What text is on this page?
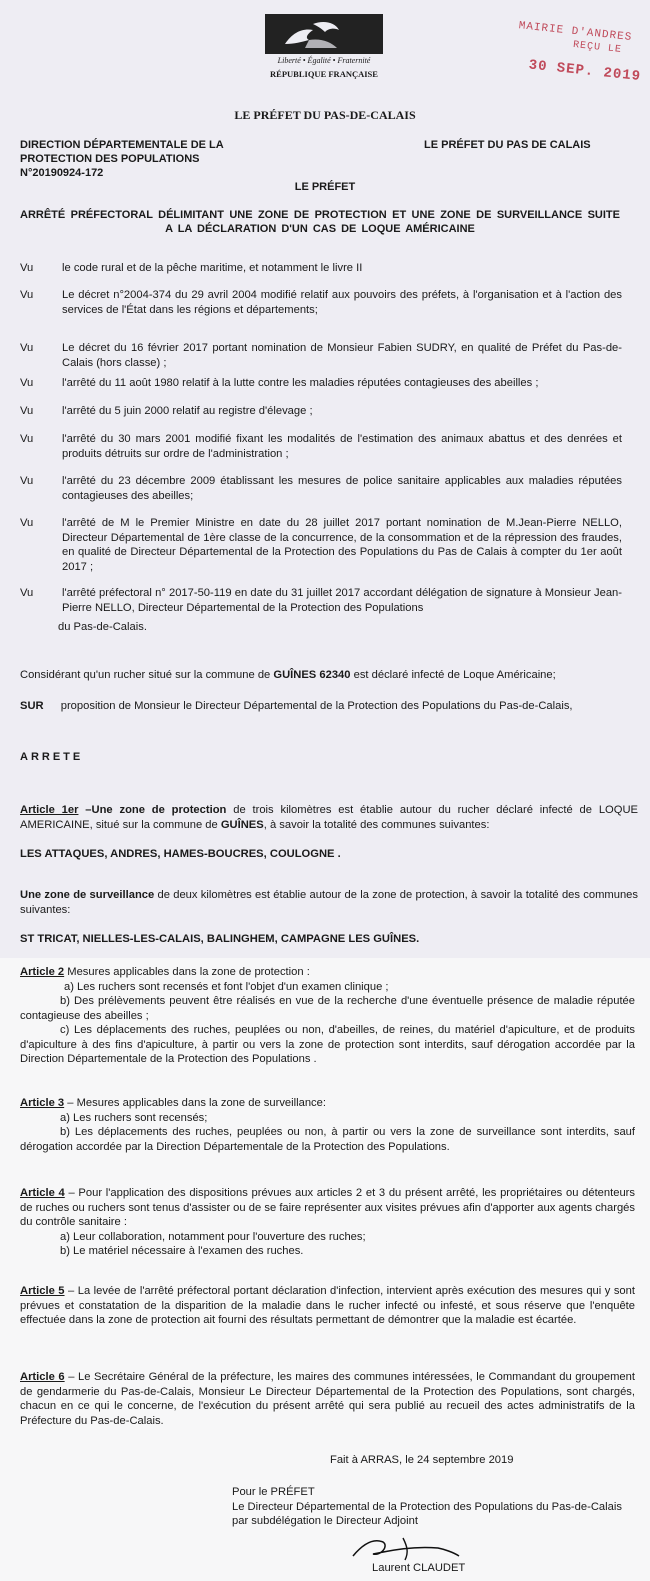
Liberté • Égalité • Fraternité
RÉPUBLIQUE FRANÇAISE
MAIRIE D'ANDRES
REÇU LE
30 SEP. 2019
LE PRÉFET DU PAS-DE-CALAIS
DIRECTION DÉPARTEMENTALE DE LA
PROTECTION DES POPULATIONS
N°20190924-172
LE PRÉFET DU PAS DE CALAIS
LE PRÉFET
ARRÊTÉ PRÉFECTORAL DÉLIMITANT UNE ZONE DE PROTECTION ET UNE ZONE DE SURVEILLANCE SUITE A LA DÉCLARATION D'UN CAS DE LOQUE AMÉRICAINE
Vu	le code rural et de la pêche maritime, et notamment le livre II
Vu	Le décret n°2004-374 du 29 avril 2004 modifié relatif aux pouvoirs des préfets, à l'organisation et à l'action des services de l'État dans les régions et départements;
Vu	Le décret du 16 février 2017 portant nomination de Monsieur Fabien SUDRY, en qualité de Préfet du Pas-de-Calais (hors classe) ;
Vu	l'arrêté du 11 août 1980 relatif à la lutte contre les maladies réputées contagieuses des abeilles ;
Vu	l'arrêté du 5 juin 2000 relatif au registre d'élevage ;
Vu	l'arrêté du 30 mars 2001 modifié fixant les modalités de l'estimation des animaux abattus et des denrées et produits détruits sur ordre de l'administration ;
Vu	l'arrêté du 23 décembre 2009 établissant les mesures de police sanitaire applicables aux maladies réputées contagieuses des abeilles;
Vu	l'arrêté de M le Premier Ministre en date du 28 juillet 2017 portant nomination de M.Jean-Pierre NELLO, Directeur Départemental de 1ère classe de la concurrence, de la consommation et de la répression des fraudes, en qualité de Directeur Départemental de la Protection des Populations du Pas de Calais à compter du 1er août 2017 ;
Vu	l'arrêté préfectoral n° 2017-50-119 en date du 31 juillet 2017 accordant délégation de signature à Monsieur Jean-Pierre NELLO, Directeur Départemental de la Protection des Populations
du Pas-de-Calais.
Considérant qu'un rucher situé sur la commune de GUÎNES 62340 est déclaré infecté de Loque Américaine;
SUR proposition de Monsieur le Directeur Départemental de la Protection des Populations du Pas-de-Calais,
ARRETE
Article 1er –Une zone de protection de trois kilomètres est établie autour du rucher déclaré infecté de LOQUE AMERICAINE, situé sur la commune de GUÎNES, à savoir la totalité des communes suivantes:
LES ATTAQUES, ANDRES, HAMES-BOUCRES, COULOGNE .
Une zone de surveillance de deux kilomètres est établie autour de la zone de protection, à savoir la totalité des communes suivantes:
ST TRICAT, NIELLES-LES-CALAIS, BALINGHEM, CAMPAGNE LES GUÎNES.
Article 2 Mesures applicables dans la zone de protection :
a) Les ruchers sont recensés et font l'objet d'un examen clinique ;
b) Des prélèvements peuvent être réalisés en vue de la recherche d'une éventuelle présence de maladie réputée contagieuse des abeilles ;
c) Les déplacements des ruches, peuplées ou non, d'abeilles, de reines, du matériel d'apiculture, et de produits d'apiculture à des fins d'apiculture, à partir ou vers la zone de protection sont interdits, sauf dérogation accordée par la Direction Départementale de la Protection des Populations .
Article 3 – Mesures applicables dans la zone de surveillance:
a) Les ruchers sont recensés;
b) Les déplacements des ruches, peuplées ou non, à partir ou vers la zone de surveillance sont interdits, sauf dérogation accordée par la Direction Départementale de la Protection des Populations.
Article 4 – Pour l'application des dispositions prévues aux articles 2 et 3 du présent arrêté, les propriétaires ou détenteurs de ruches ou ruchers sont tenus d'assister ou de se faire représenter aux visites prévues afin d'apporter aux agents chargés du contrôle sanitaire :
a) Leur collaboration, notamment pour l'ouverture des ruches;
b) Le matériel nécessaire à l'examen des ruches.
Article 5 – La levée de l'arrêté préfectoral portant déclaration d'infection, intervient après exécution des mesures qui y sont prévues et constatation de la disparition de la maladie dans le rucher infecté ou infesté, et sous réserve que l'enquête effectuée dans la zone de protection ait fourni des résultats permettant de démontrer que la maladie est écartée.
Article 6 – Le Secrétaire Général de la préfecture, les maires des communes intéressées, le Commandant du groupement de gendarmerie du Pas-de-Calais, Monsieur Le Directeur Départemental de la Protection des Populations, sont chargés, chacun en ce qui le concerne, de l'exécution du présent arrêté qui sera publié au recueil des actes administratifs de la Préfecture du Pas-de-Calais.
Fait à ARRAS, le 24 septembre 2019
Pour le PRÉFET
Le Directeur Départemental de la Protection des Populations du Pas-de-Calais
par subdélégation le Directeur Adjoint
Laurent CLAUDET
